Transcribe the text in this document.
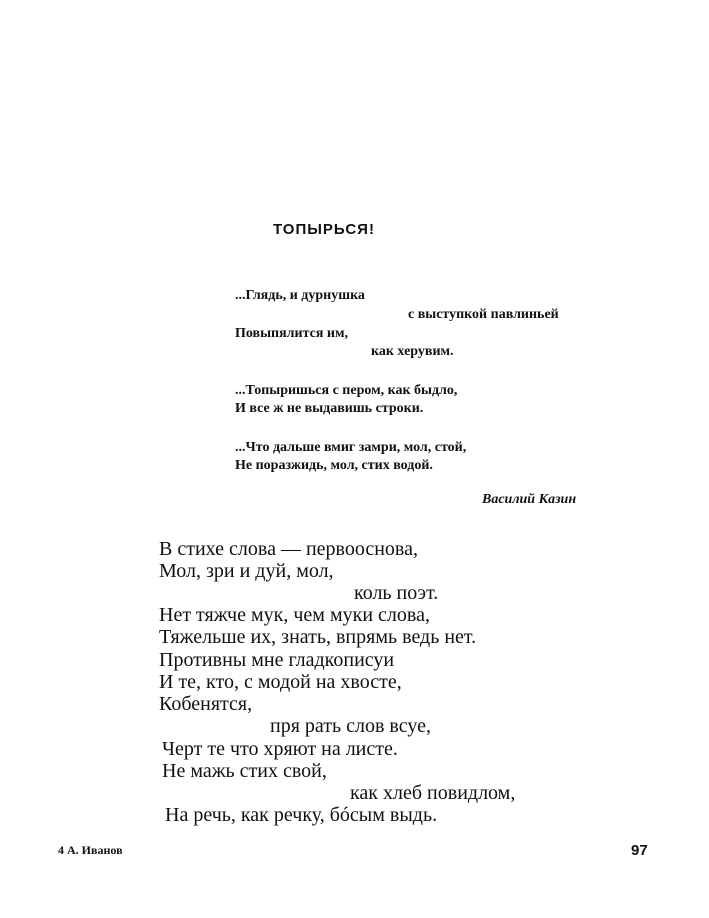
ТОПЫРЬСЯ!
...Глядь, и дурнушка
с выступкой павлиньей
Повыпялится им,
как херувим.
...Топыришься с пером, как быдло,
И все ж не выдавишь строки.
...Что дальше вмиг замри, мол, стой,
Не поразжидь, мол, стих водой.
Василий Казин
В стихе слова — первооснова,
Мол, зри и дуй, мол,
коль поэт.
Нет тяжче мук, чем муки слова,
Тяжельше их, знать, впрямь ведь нет.
Противны мне гладкописуи
И те, кто, с модой на хвосте,
Кобенятся,
пря рать слов всуе,
Черт те что хряют на листе.
Не мажь стих свой,
как хлеб повидлом,
На речь, как речку, бóсым выдь.
4 А. Иванов	97
